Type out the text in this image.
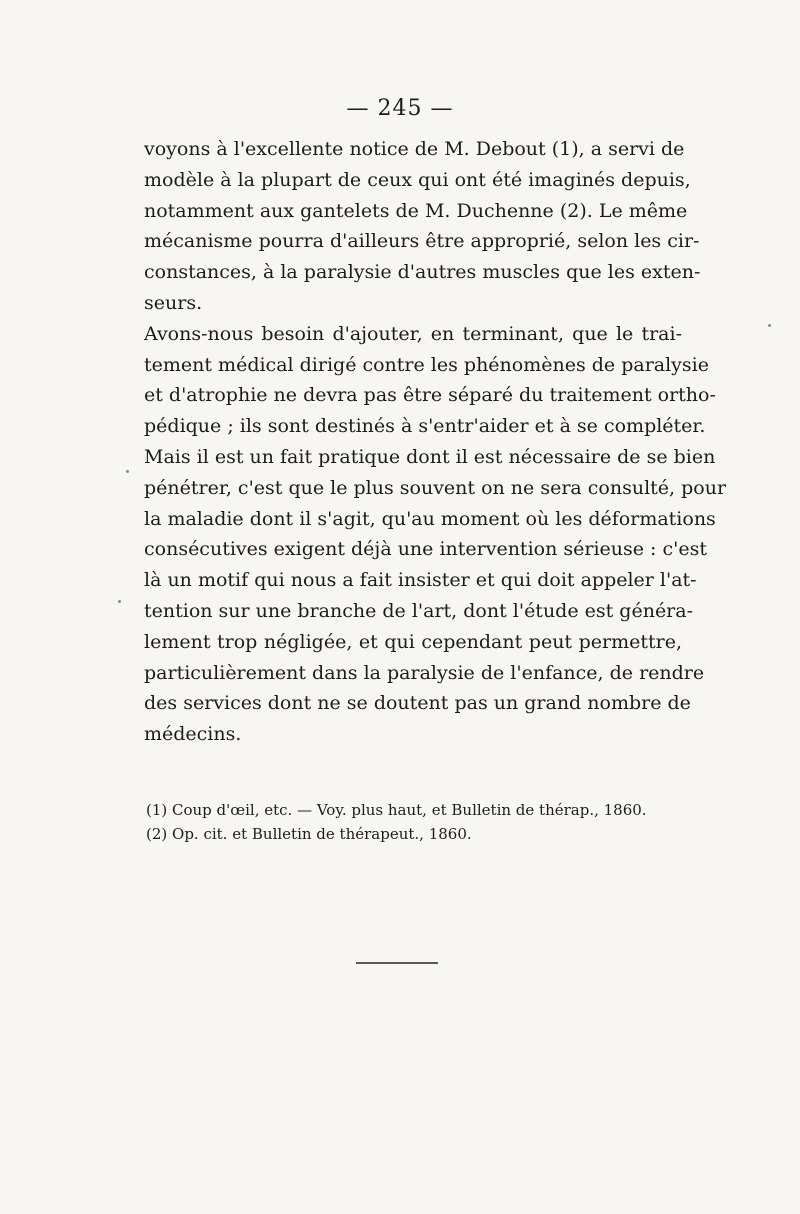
— 245 —
voyons à l'excellente notice de M. Debout (1), a servi de
modèle à la plupart de ceux qui ont été imaginés depuis,
notamment aux gantelets de M. Duchenne (2). Le même
mécanisme pourra d'ailleurs être approprié, selon les cir-
constances, à la paralysie d'autres muscles que les exten-
seurs.
Avons-nous besoin d'ajouter, en terminant, que le trai-
tement médical dirigé contre les phénomènes de paralysie
et d'atrophie ne devra pas être séparé du traitement ortho-
pédique ; ils sont destinés à s'entr'aider et à se compléter.
Mais il est un fait pratique dont il est nécessaire de se bien
pénétrer, c'est que le plus souvent on ne sera consulté, pour
la maladie dont il s'agit, qu'au moment où les déformations
consécutives exigent déjà une intervention sérieuse : c'est
là un motif qui nous a fait insister et qui doit appeler l'at-
tention sur une branche de l'art, dont l'étude est généra-
lement trop négligée, et qui cependant peut permettre,
particulièrement dans la paralysie de l'enfance, de rendre
des services dont ne se doutent pas un grand nombre de
médecins.
(1) Coup d'œil, etc. — Voy. plus haut, et Bulletin de thérap., 1860.
(2) Op. cit. et Bulletin de thérapeut., 1860.
